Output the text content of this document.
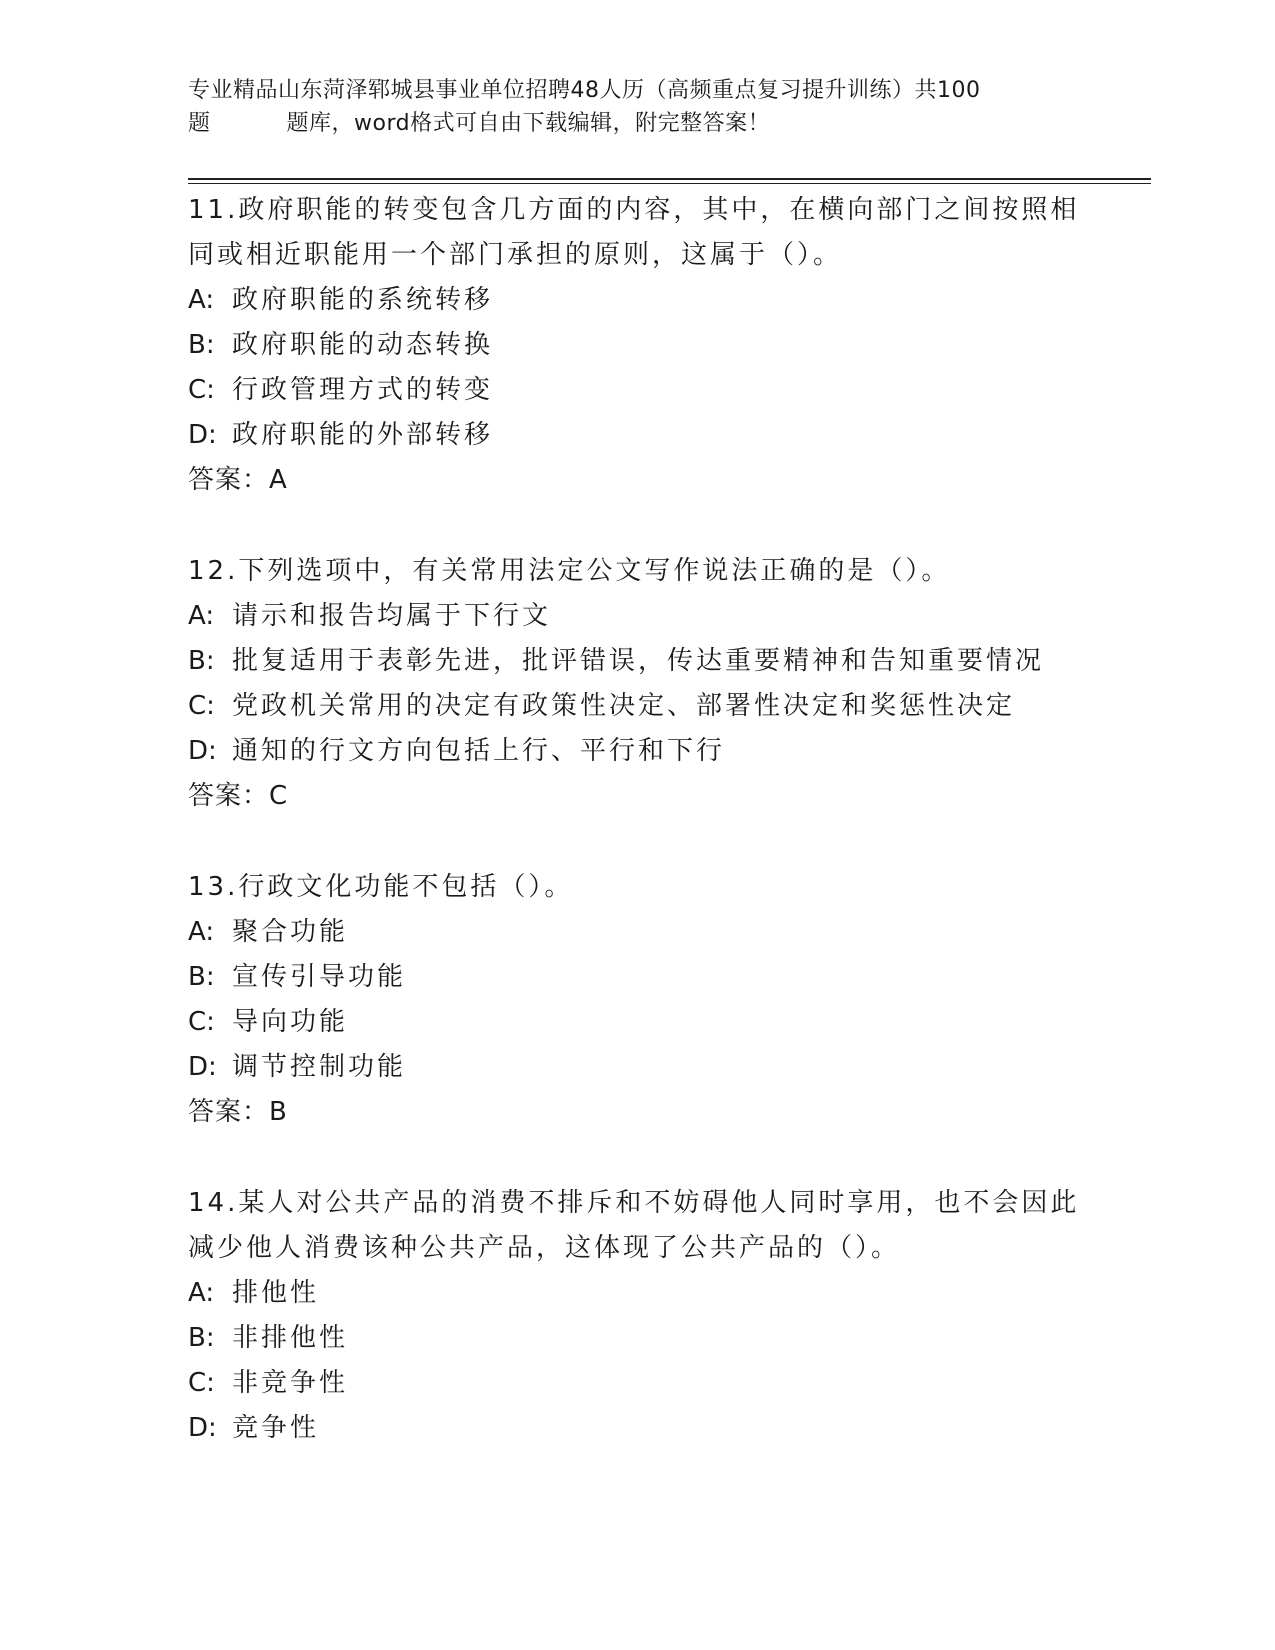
专业精品山东菏泽郓城县事业单位招聘48人历（高频重点复习提升训练）共100
题	题库，word格式可自由下载编辑，附完整答案！
11.政府职能的转变包含几方面的内容，其中，在横向部门之间按照相
同或相近职能用一个部门承担的原则，这属于（）。
A: 政府职能的系统转移
B: 政府职能的动态转换
C: 行政管理方式的转变
D: 政府职能的外部转移
答案：A
12.下列选项中，有关常用法定公文写作说法正确的是（）。
A: 请示和报告均属于下行文
B: 批复适用于表彰先进，批评错误，传达重要精神和告知重要情况
C: 党政机关常用的决定有政策性决定、部署性决定和奖惩性决定
D: 通知的行文方向包括上行、平行和下行
答案：C
13.行政文化功能不包括（）。
A: 聚合功能
B: 宣传引导功能
C: 导向功能
D: 调节控制功能
答案：B
14.某人对公共产品的消费不排斥和不妨碍他人同时享用，也不会因此
减少他人消费该种公共产品，这体现了公共产品的（）。
A: 排他性
B: 非排他性
C: 非竞争性
D: 竞争性
